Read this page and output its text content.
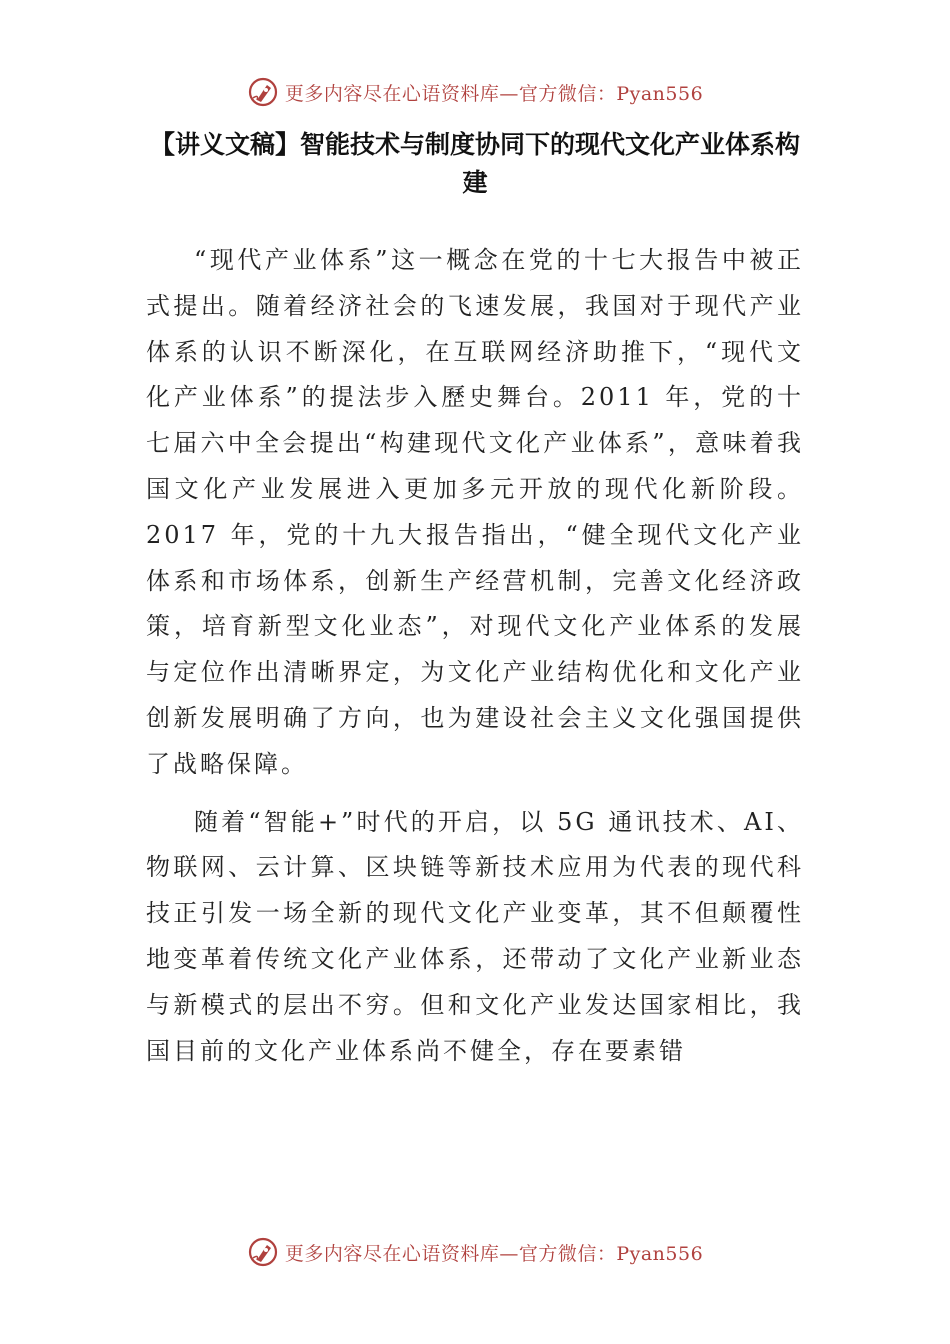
更多内容尽在心语资料库—官方微信：Pyan556
【讲义文稿】智能技术与制度协同下的现代文化产业体系构建

“现代产业体系”这一概念在党的十七大报告中被正式提出。随着经济社会的飞速发展，我国对于现代产业体系的认识不断深化，在互联网经济助推下，“现代文化产业体系”的提法步入歷史舞台。2011 年，党的十七届六中全会提出“构建现代文化产业体系”，意味着我国文化产业发展进入更加多元开放的现代化新阶段。2017 年，党的十九大报告指出，“健全现代文化产业体系和市场体系，创新生产经营机制，完善文化经济政策，培育新型文化业态”，对现代文化产业体系的发展与定位作出清晰界定，为文化产业结构优化和文化产业创新发展明确了方向，也为建设社会主义文化强国提供了战略保障。

随着“智能+”时代的开启，以 5G 通讯技术、AI、物联网、云计算、区块链等新技术应用为代表的现代科技正引发一场全新的现代文化产业变革，其不但颠覆性地变革着传统文化产业体系，还带动了文化产业新业态与新模式的层出不穷。但和文化产业发达国家相比，我国目前的文化产业体系尚不健全，存在要素错

更多内容尽在心语资料库—官方微信：Pyan556
